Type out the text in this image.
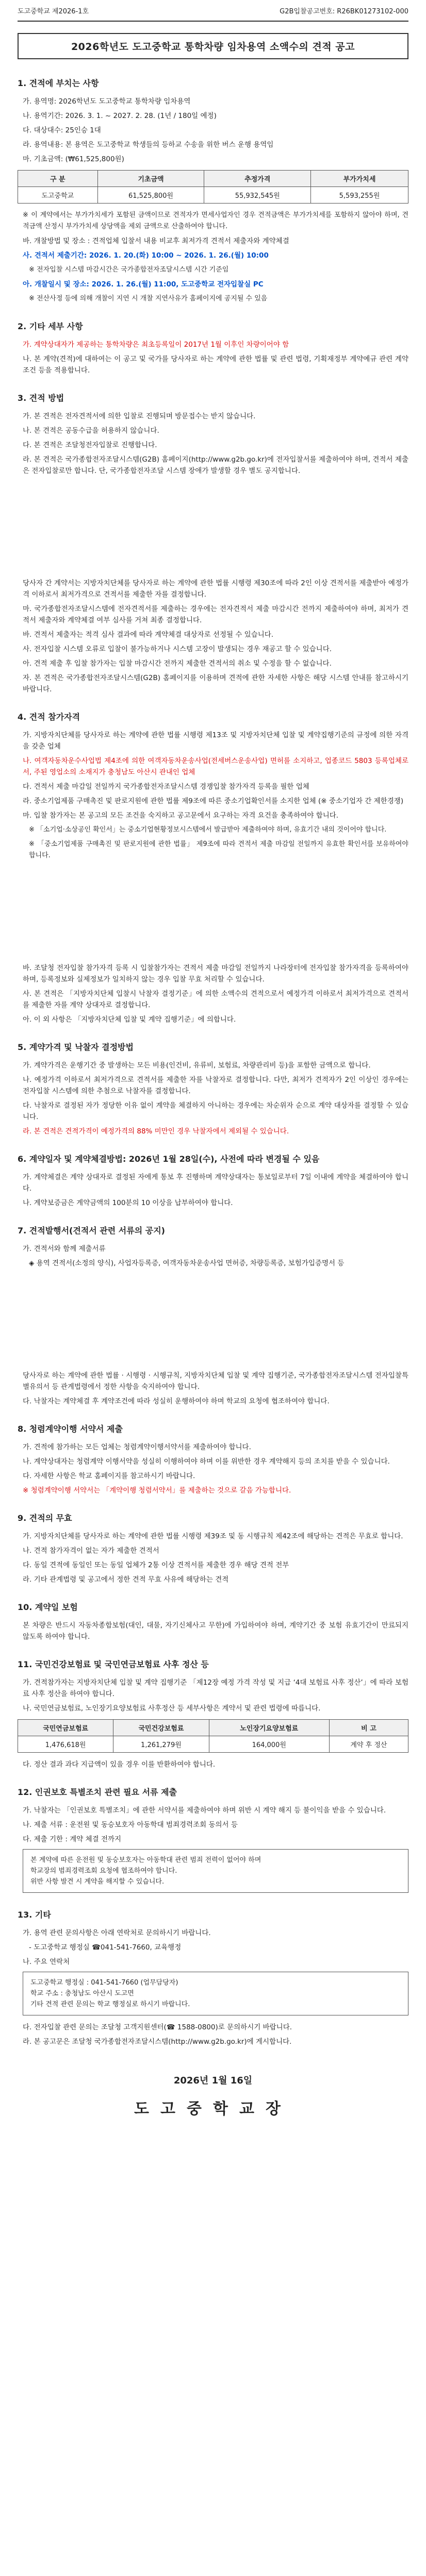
도고중학교 제2026-1호	G2B입찰공고번호: R26BK01273102-000
2026학년도 도고중학교 통학차량 임차용역 소액수의 견적 공고
1. 견적에 부치는 사항
가. 용역명: 2026학년도 도고중학교 통학차량 임차용역
나. 용역기간: 2026. 3. 1. ~ 2027. 2. 28. (1년 / 180일 예정)
다. 대상대수: 25인승 1대
라. 용역내용: 본 용역은 도고중학교 학생들의 등하교 수송을 위한 버스 운행 용역임
마. 기초금액: (₩61,525,800원)
구 분	기초금액	추정가격	부가가치세
도고중학교	61,525,800원	55,932,545원	5,593,255원
※ 이 계약에서는 부가가치세가 포함된 금액이므로 견적자가 면세사업자인 경우 견적금액은 부가가치세를 포함하지 않아야 하며, 견적금액 산정시 부가가치세 상당액을 제외 금액으로 산출하여야 합니다.
바. 개찰방법 및 장소 : 견적업체 입찰서 내용 비교후 최저가격 견적서 제출자와 계약체결
사. 견적서 제출기간: 2026. 1. 20.(화) 10:00 ~ 2026. 1. 26.(월) 10:00
※ 전자입찰 시스템 마감시간은 국가종합전자조달시스템 시간 기준임
아. 개찰일시 및 장소: 2026. 1. 26.(월) 11:00, 도고중학교 전자입찰실 PC
※ 전산사정 등에 의해 개찰이 지연 시 개찰 지연사유가 홈페이지에 공지될 수 있음
2. 기타 세부 사항
가. 계약상대자가 제공하는 통학차량은 최초등록일이 2017년 1월 이후인 차량이어야 함
나. 본 계약(견적)에 대하여는 이 공고 및 국가를 당사자로 하는 계약에 관한 법률 및 관련 법령, 기획재정부 계약예규 관련 계약조건 등을 적용합니다.
3. 견적 방법
가. 본 견적은 전자견적서에 의한 입찰로 진행되며 방문접수는 받지 않습니다.
나. 본 견적은 공동수급을 허용하지 않습니다.
다. 본 견적은 조달청전자입찰로 진행합니다.
라. 본 견적은 국가종합전자조달시스템(G2B) 홈페이지(http://www.g2b.go.kr)에 전자입찰서를 제출하여야 하며, 견적서 제출은 전자입찰로만 합니다. 단, 국가종합전자조달 시스템 장애가 발생할 경우 별도 공지합니다.
당사자 간 계약서는 지방자치단체를 당사자로 하는 계약에 관한 법률 시행령 제30조에 따라 2인 이상 견적서를 제출받아 예정가격 이하로서 최저가격으로 견적서를 제출한 자를 결정합니다.
마. 국가종합전자조달시스템에 전자견적서를 제출하는 경우에는 전자견적서 제출 마감시간 전까지 제출하여야 하며, 최저가 견적서 제출자와 계약체결 여부 심사를 거쳐 최종 결정합니다.
바. 견적서 제출자는 적격 심사 결과에 따라 계약체결 대상자로 선정될 수 있습니다.
사. 전자입찰 시스템 오류로 입찰이 불가능하거나 시스템 고장이 발생되는 경우 재공고 할 수 있습니다.
아. 견적 제출 후 입찰 참가자는 입찰 마감시간 전까지 제출한 견적서의 취소 및 수정을 할 수 없습니다.
자. 본 견적은 국가종합전자조달시스템(G2B) 홈페이지를 이용하며 견적에 관한 자세한 사항은 해당 시스템 안내를 참고하시기 바랍니다.
4. 견적 참가자격
가. 지방자치단체를 당사자로 하는 계약에 관한 법률 시행령 제13조 및 지방자치단체 입찰 및 계약집행기준의 규정에 의한 자격을 갖춘 업체
나. 여객자동차운수사업법 제4조에 의한 여객자동차운송사업(전세버스운송사업) 면허를 소지하고, 업종코드 5803 등록업체로서, 주된 영업소의 소재지가 충청남도 아산시 관내인 업체
다. 견적서 제출 마감일 전일까지 국가종합전자조달시스템 경쟁입찰 참가자격 등록을 필한 업체
라. 중소기업제품 구매촉진 및 판로지원에 관한 법률 제9조에 따른 중소기업확인서를 소지한 업체 (※ 중소기업자 간 제한경쟁)
마. 입찰 참가자는 본 공고의 모든 조건을 숙지하고 공고문에서 요구하는 자격 요건을 충족하여야 합니다.
※ 「소기업·소상공인 확인서」는 중소기업현황정보시스템에서 발급받아 제출하여야 하며, 유효기간 내의 것이어야 합니다.
※ 「중소기업제품 구매촉진 및 판로지원에 관한 법률」 제9조에 따라 견적서 제출 마감일 전일까지 유효한 확인서를 보유하여야 합니다.
바. 조달청 전자입찰 참가자격 등록 시 입찰참가자는 견적서 제출 마감일 전일까지 나라장터에 전자입찰 참가자격을 등록하여야 하며, 등록정보와 실제정보가 일치하지 않는 경우 입찰 무효 처리할 수 있습니다.
사. 본 견적은 「지방자치단체 입찰시 낙찰자 결정기준」에 의한 소액수의 견적으로서 예정가격 이하로서 최저가격으로 견적서를 제출한 자를 계약 상대자로 결정합니다.
아. 이 외 사항은 「지방자치단체 입찰 및 계약 집행기준」에 의합니다.
5. 계약가격 및 낙찰자 결정방법
가. 계약가격은 운행기간 중 발생하는 모든 비용(인건비, 유류비, 보험료, 차량관리비 등)을 포함한 금액으로 합니다.
나. 예정가격 이하로서 최저가격으로 견적서를 제출한 자를 낙찰자로 결정합니다. 다만, 최저가 견적자가 2인 이상인 경우에는 전자입찰 시스템에 의한 추첨으로 낙찰자를 결정합니다.
다. 낙찰자로 결정된 자가 정당한 이유 없이 계약을 체결하지 아니하는 경우에는 차순위자 순으로 계약 대상자를 결정할 수 있습니다.
라. 본 견적은 견적가격이 예정가격의 88% 미만인 경우 낙찰자에서 제외될 수 있습니다.
6. 계약일자 및 계약체결방법: 2026년 1월 28일(수), 사전에 따라 변경될 수 있음
가. 계약체결은 계약 상대자로 결정된 자에게 통보 후 진행하며 계약상대자는 통보일로부터 7일 이내에 계약을 체결하여야 합니다.
나. 계약보증금은 계약금액의 100분의 10 이상을 납부하여야 합니다.
7. 견적발행서(견적서 관련 서류의 공지)
가. 견적서와 함께 제출서류
◈ 용역 견적서(소정의 양식), 사업자등록증, 여객자동차운송사업 면허증, 차량등록증, 보험가입증명서 등
당사자로 하는 계약에 관한 법률 · 시행령 · 시행규칙, 지방자치단체 입찰 및 계약 집행기준, 국가종합전자조달시스템 전자입찰특별유의서 등 관계법령에서 정한 사항을 숙지하여야 합니다.
다. 낙찰자는 계약체결 후 계약조건에 따라 성실히 운행하여야 하며 학교의 요청에 협조하여야 합니다.
8. 청렴계약이행 서약서 제출
가. 견적에 참가하는 모든 업체는 청렴계약이행서약서를 제출하여야 합니다.
나. 계약상대자는 청렴계약 이행서약을 성실히 이행하여야 하며 이를 위반한 경우 계약해지 등의 조치를 받을 수 있습니다.
다. 자세한 사항은 학교 홈페이지를 참고하시기 바랍니다.
※ 청렴계약이행 서약서는 「계약이행 청렴서약서」를 제출하는 것으로 갈음 가능합니다.
9. 견적의 무효
가. 지방자치단체를 당사자로 하는 계약에 관한 법률 시행령 제39조 및 동 시행규칙 제42조에 해당하는 견적은 무효로 합니다.
나. 견적 참가자격이 없는 자가 제출한 견적서
다. 동일 견적에 동일인 또는 동일 업체가 2통 이상 견적서를 제출한 경우 해당 견적 전부
라. 기타 관계법령 및 공고에서 정한 견적 무효 사유에 해당하는 견적
10. 계약일 보험
본 차량은 반드시 자동차종합보험(대인, 대물, 자기신체사고 무한)에 가입하여야 하며, 계약기간 중 보험 유효기간이 만료되지 않도록 하여야 합니다.
11. 국민건강보험료 및 국민연금보험료 사후 정산 등
가. 견적참가자는 지방자치단체 입찰 및 계약 집행기준 「제12장 예정 가격 작성 및 지급 ‘4대 보험료 사후 정산’」에 따라 보험료 사후 정산을 하여야 합니다.
나. 국민연금보험료, 노인장기요양보험료 사후정산 등 세부사항은 계약서 및 관련 법령에 따릅니다.
국민연금보험료	국민건강보험료	노인장기요양보험료	비 고
1,476,618원	1,261,279원	164,000원	계약 후 정산
다. 정산 결과 과다 지급액이 있을 경우 이를 반환하여야 합니다.
12. 인권보호 특별조치 관련 필요 서류 제출
가. 낙찰자는 「인권보호 특별조치」에 관한 서약서를 제출하여야 하며 위반 시 계약 해지 등 불이익을 받을 수 있습니다.
나. 제출 서류 : 운전원 및 동승보호자 아동학대 범죄경력조회 동의서 등
다. 제출 기한 : 계약 체결 전까지
본 계약에 따른 운전원 및 동승보호자는 아동학대 관련 범죄 전력이 없어야 하며
학교장의 범죄경력조회 요청에 협조하여야 합니다.
위반 사항 발견 시 계약을 해지할 수 있습니다.
13. 기타
가. 용역 관련 문의사항은 아래 연락처로 문의하시기 바랍니다.
- 도고중학교 행정실 ☎041-541-7660, 교육행정
나. 주요 연락처
도고중학교 행정실 : 041-541-7660 (업무담당자)
학교 주소 : 충청남도 아산시 도고면
기타 견적 관련 문의는 학교 행정실로 하시기 바랍니다.
다. 전자입찰 관련 문의는 조달청 고객지원센터(☎ 1588-0800)로 문의하시기 바랍니다.
라. 본 공고문은 조달청 국가종합전자조달시스템(http://www.g2b.go.kr)에 게시합니다.
2026년 1월 16일
도고중학교장
